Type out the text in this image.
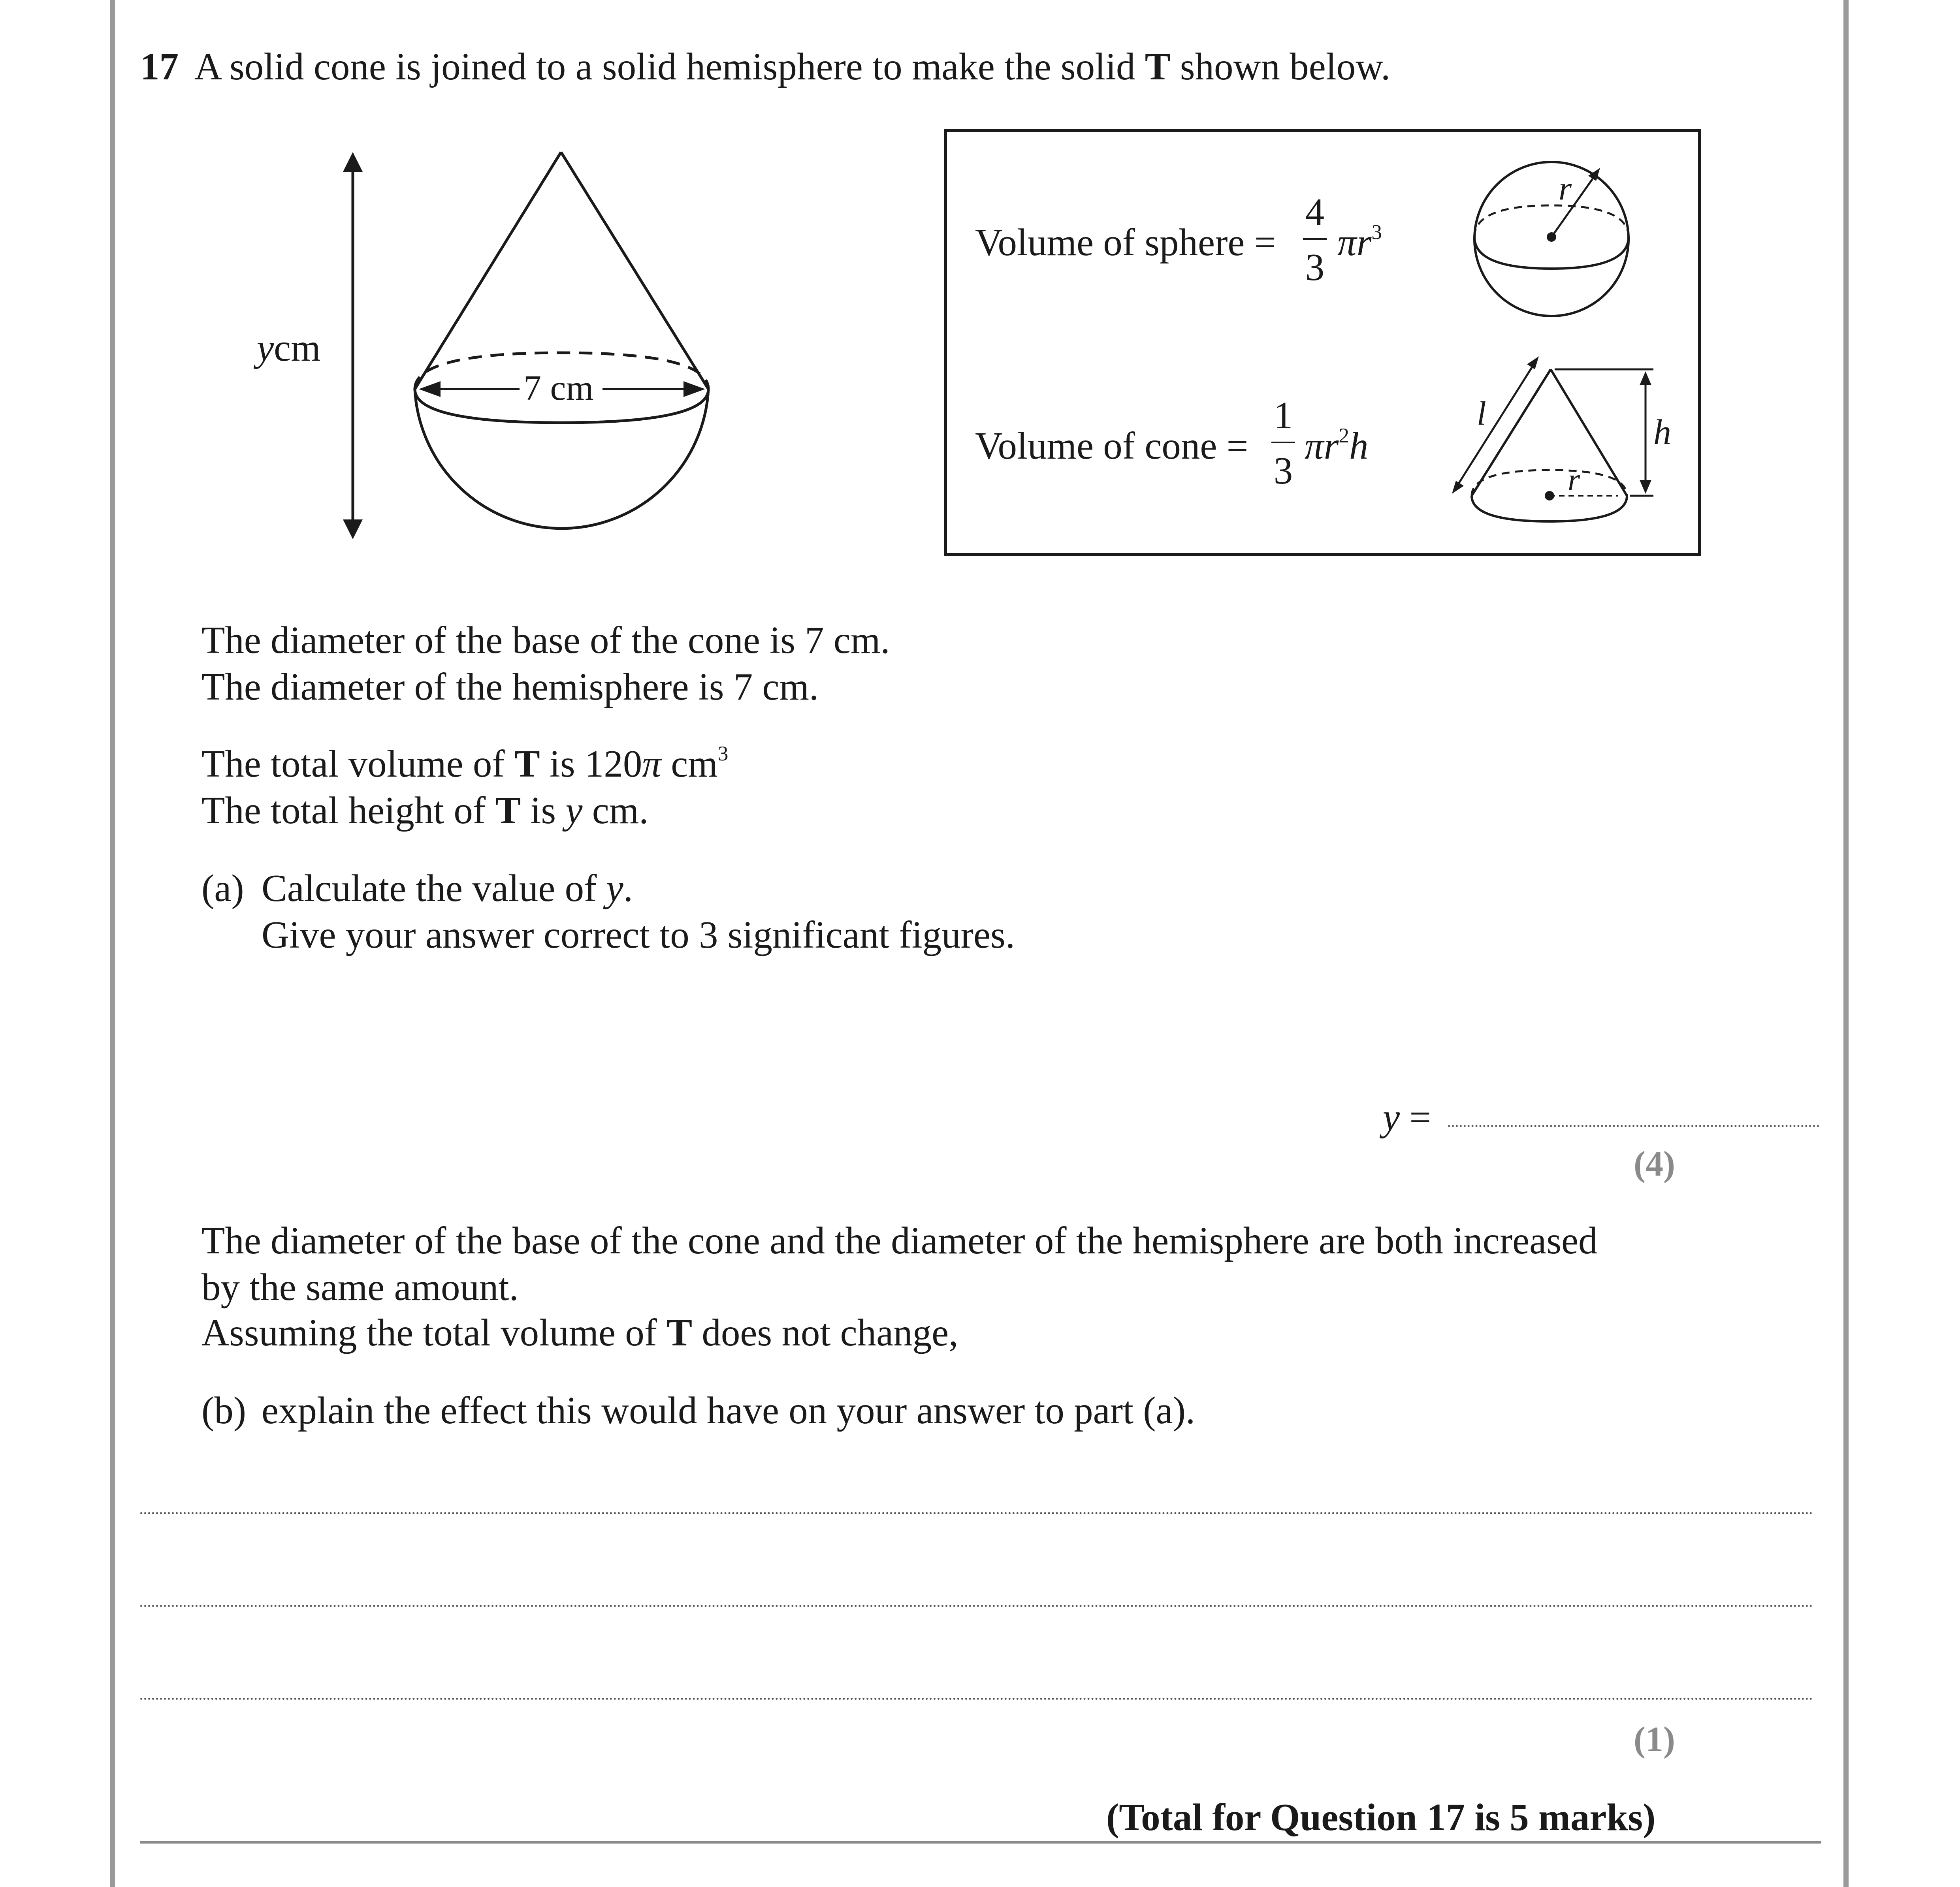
17 A solid cone is joined to a solid hemisphere to make the solid T shown below.
ycm
7 cm
Volume of sphere =
4
3
$\pi r^3$
Volume of cone =
1
3
$\pi r^2h$
r
l
r
h
The diameter of the base of the cone is 7 cm.
The diameter of the hemisphere is 7 cm.
The total volume of T is 120π $cm^3$
The total height of T is y cm.
(a) Calculate the value of y.
Give your answer correct to 3 significant figures.
y =
(4)
The diameter of the base of the cone and the diameter of the hemisphere are both increased
by the same amount.
Assuming the total volume of T does not change,
(b) explain the effect this would have on your answer to part (a).
(1)
(Total for Question 17 is 5 marks)
